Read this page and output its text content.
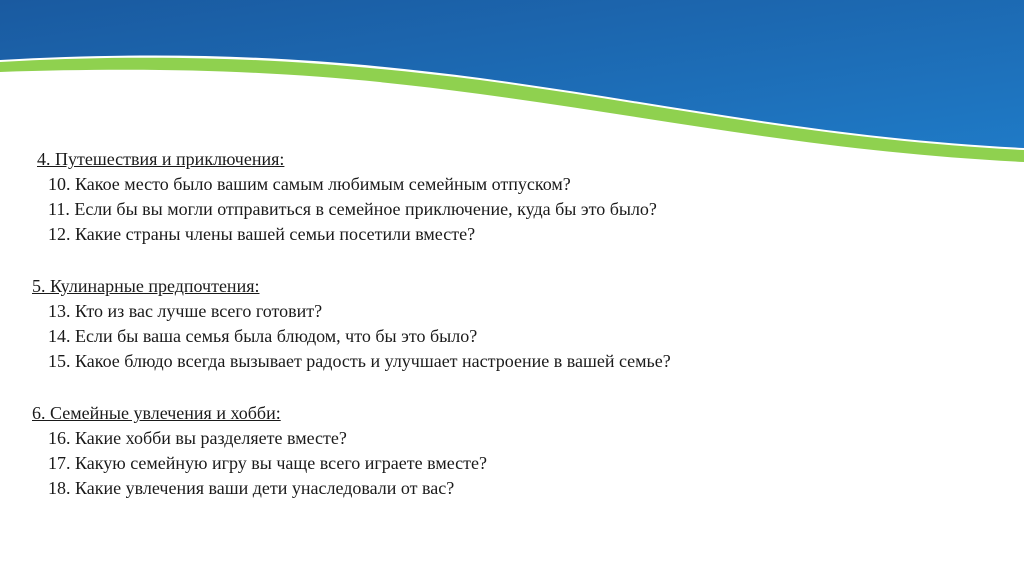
4. Путешествия и приключения:
10. Какое место было вашим самым любимым семейным отпуском?
11. Если бы вы могли отправиться в семейное приключение, куда бы это было?
12. Какие страны члены вашей семьи посетили вместе?
5. Кулинарные предпочтения:
13. Кто из вас лучше всего готовит?
14. Если бы ваша семья была блюдом, что бы это было?
15. Какое блюдо всегда вызывает радость и улучшает настроение в вашей семье?
6. Семейные увлечения и хобби:
16. Какие хобби вы разделяете вместе?
17. Какую семейную игру вы чаще всего играете вместе?
18. Какие увлечения ваши дети унаследовали от вас?
